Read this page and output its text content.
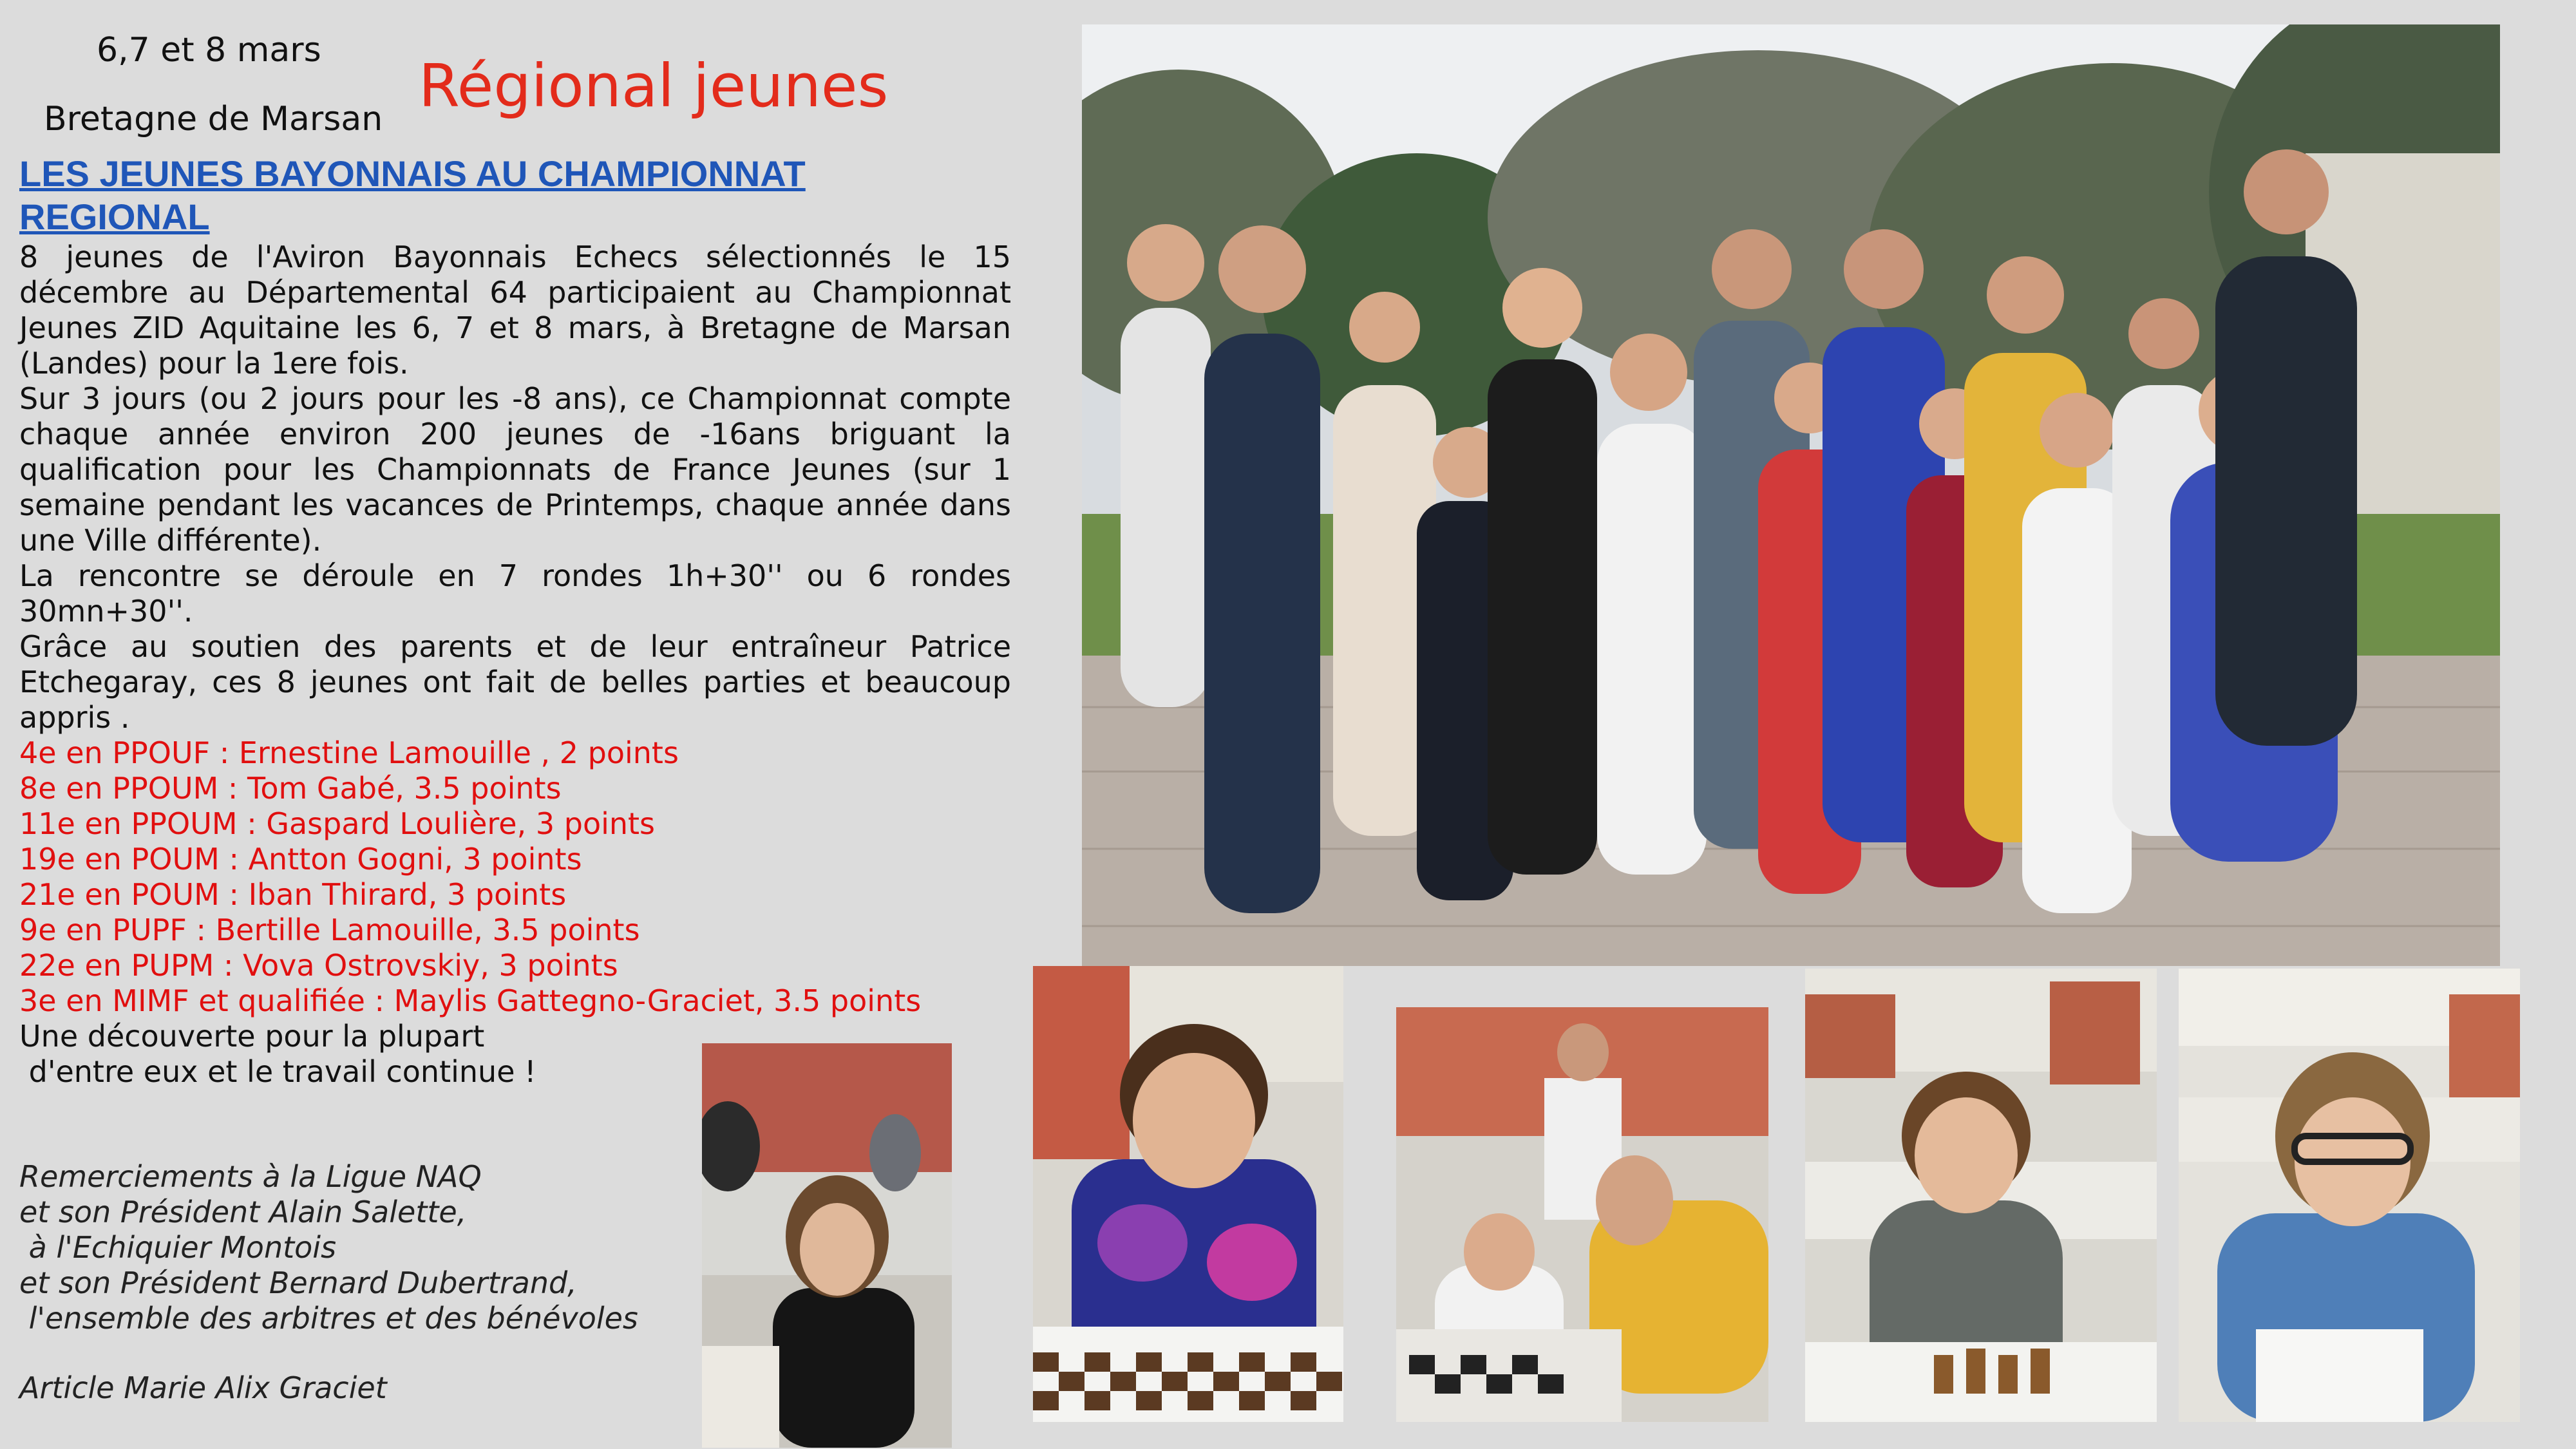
6,7 et 8 mars
Bretagne de Marsan Régional jeunes
LES JEUNES BAYONNAIS AU CHAMPIONNAT REGIONAL

8 jeunes de l'Aviron Bayonnais Echecs sélectionnés le 15 décembre au Départemental 64 participaient au Championnat Jeunes ZID Aquitaine les 6, 7 et 8 mars, à Bretagne de Marsan (Landes) pour la 1ere fois.

Sur 3 jours (ou 2 jours pour les -8 ans), ce Championnat compte chaque année environ 200 jeunes de -16ans briguant la qualification pour les Championnats de France Jeunes (sur 1 semaine pendant les vacances de Printemps, chaque année dans une Ville différente).

La rencontre se déroule en 7 rondes 1h+30'' ou 6 rondes 30mn+30''.

Grâce au soutien des parents et de leur entraîneur Patrice Etchegaray, ces 8 jeunes ont fait de belles parties et beaucoup appris .

4e en PPOUF : Ernestine Lamouille , 2 points
8e en PPOUM : Tom Gabé, 3.5 points
11e en PPOUM : Gaspard Loulière, 3 points
19e en POUM : Antton Gogni, 3 points
21e en POUM : Iban Thirard, 3 points
9e en PUPF : Bertille Lamouille, 3.5 points
22e en PUPM : Vova Ostrovskiy, 3 points
3e en MIMF et qualifiée : Maylis Gattegno-Graciet, 3.5 points

Une découverte pour la plupart
d'entre eux et le travail continue !

Remerciements à la Ligue NAQ
et son Président Alain Salette,
à l'Echiquier Montois
et son Président Bernard Dubertrand,
l'ensemble des arbitres et des bénévoles
Article Marie Alix Graciet
